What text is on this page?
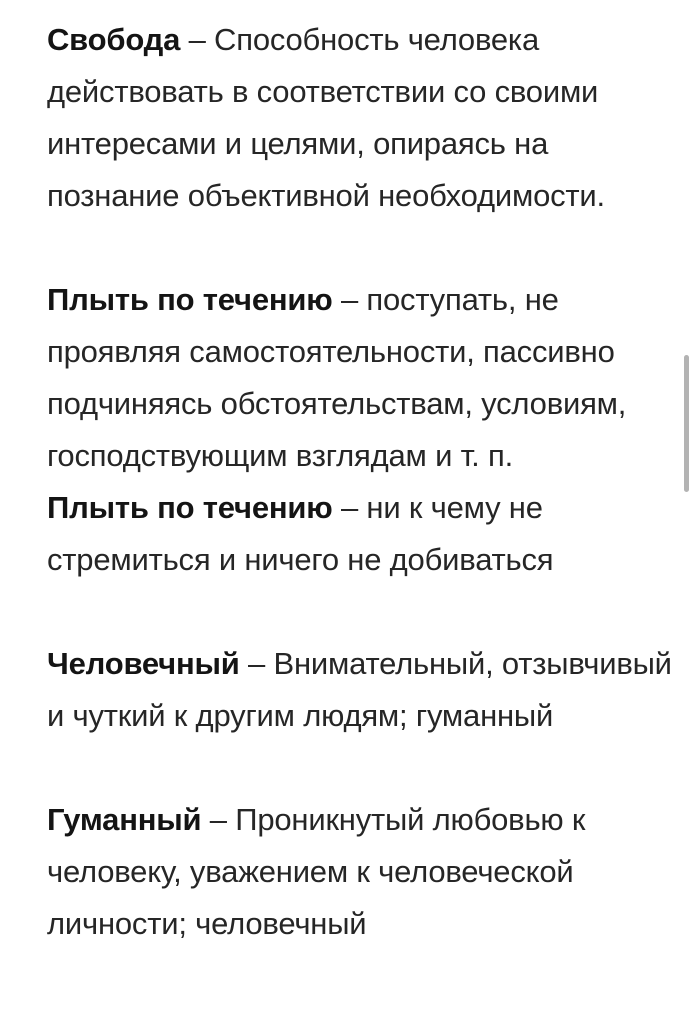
Свобода – Способность человека действовать в соответствии со своими интересами и целями, опираясь на познание объективной необходимости.

Плыть по течению – поступать, не проявляя самостоятельности, пассивно подчиняясь обстоятельствам, условиям, господствующим взглядам и т. п.

Плыть по течению – ни к чему не стремиться и ничего не добиваться

Человечный – Внимательный, отзывчивый и чуткий к другим людям; гуманный

Гуманный – Проникнутый любовью к человеку, уважением к человеческой личности; человечный
